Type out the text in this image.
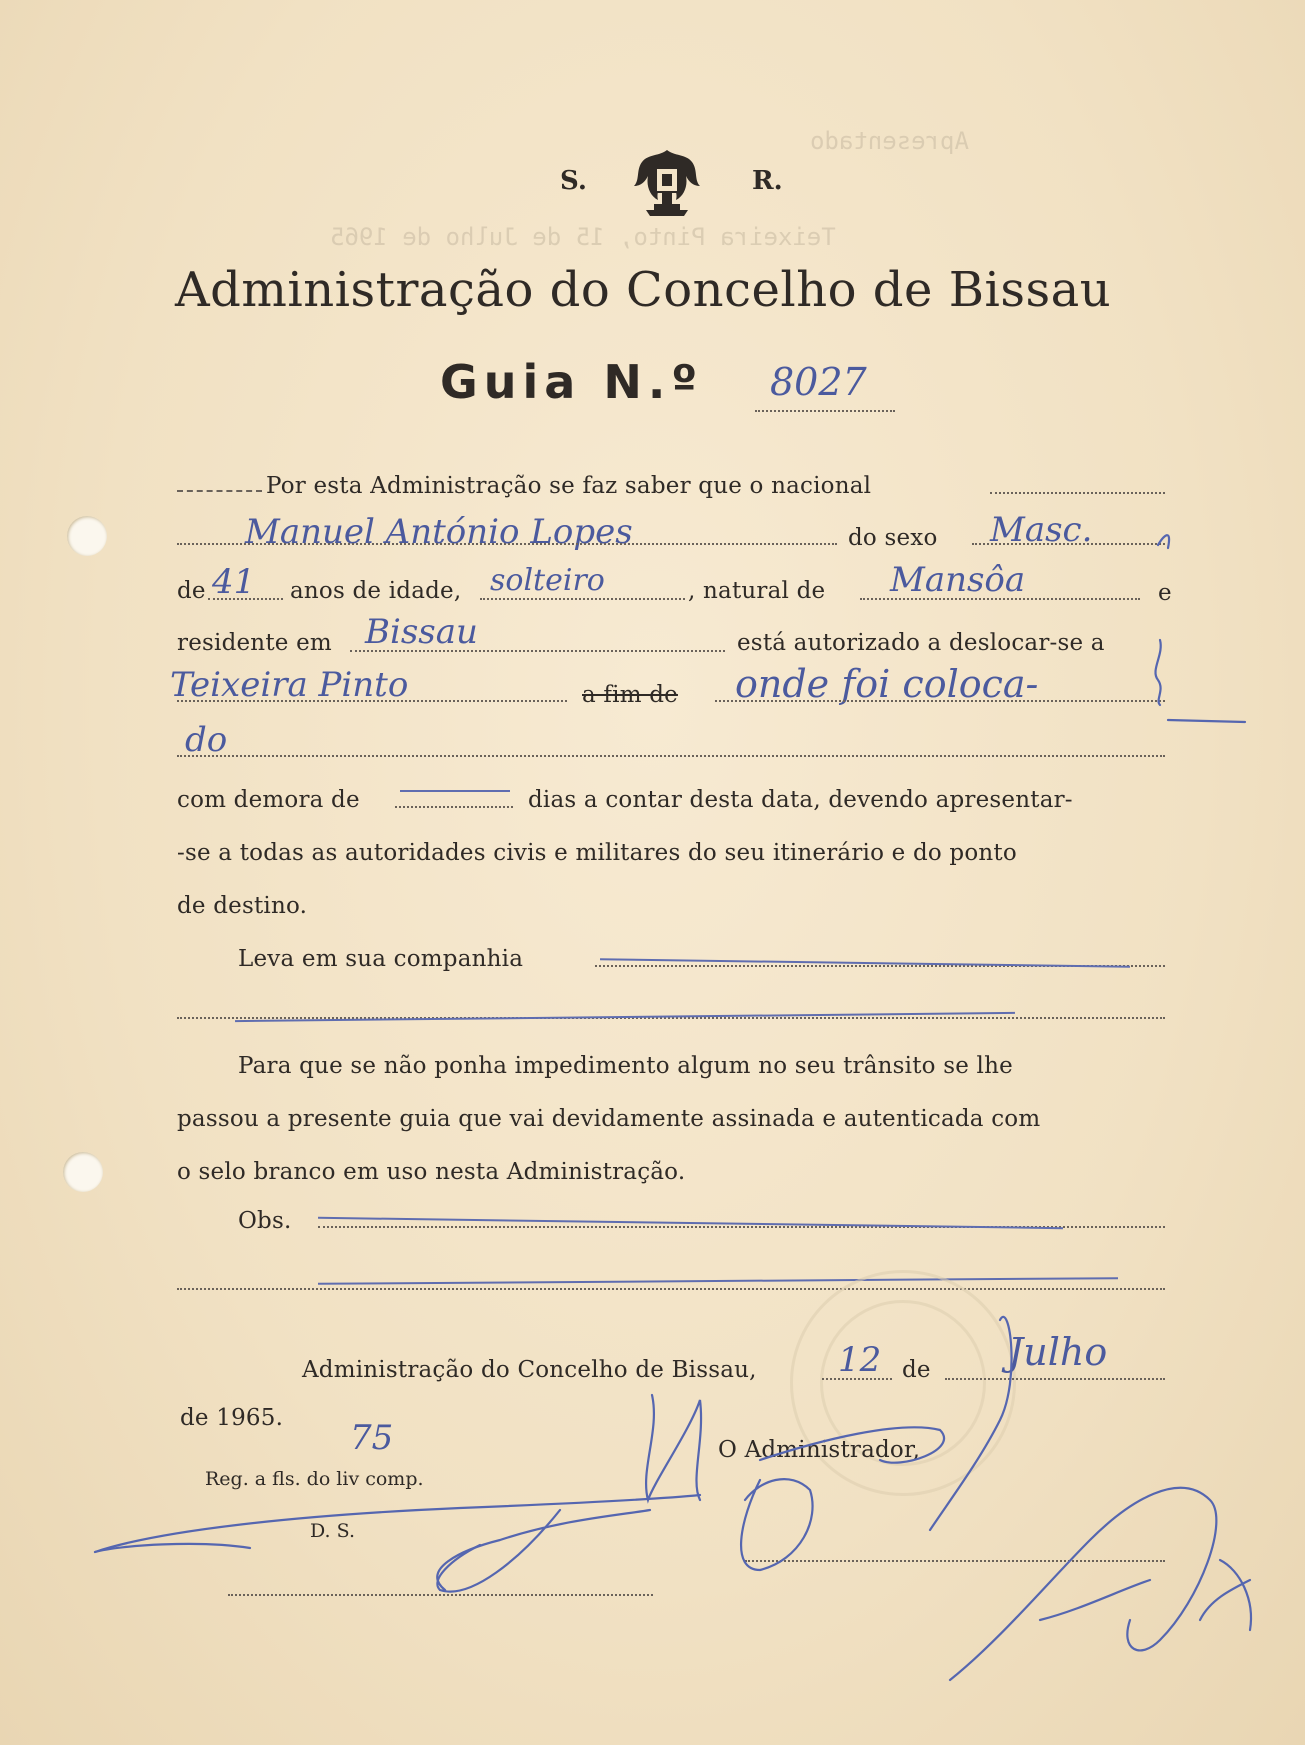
Apresentado
Teixeira Pinto, 15 de Julho de 1965
S.	R.
Administração do Concelho de Bissau
Guia N.º 8027
Por esta Administração se faz saber que o nacional
Manuel António Lopes	do sexo Masc.
de 41 anos de idade, solteiro	, natural de Mansôa	e
residente em Bissau	está autorizado a deslocar-se a
Teixeira Pinto	a fim de onde foi coloca-
do
com demora de	dias a contar desta data, devendo apresentar-
-se a todas as autoridades civis e militares do seu itinerário e do ponto
de destino.
Leva em sua companhia
Para que se não ponha impedimento algum no seu trânsito se lhe
passou a presente guia que vai devidamente assinada e autenticada com
o selo branco em uso nesta Administração.
Obs.
Administração do Concelho de Bissau, 12 de Julho
de 1965. 75
Reg. a fls. do liv comp.
D. S.
O Administrador,
